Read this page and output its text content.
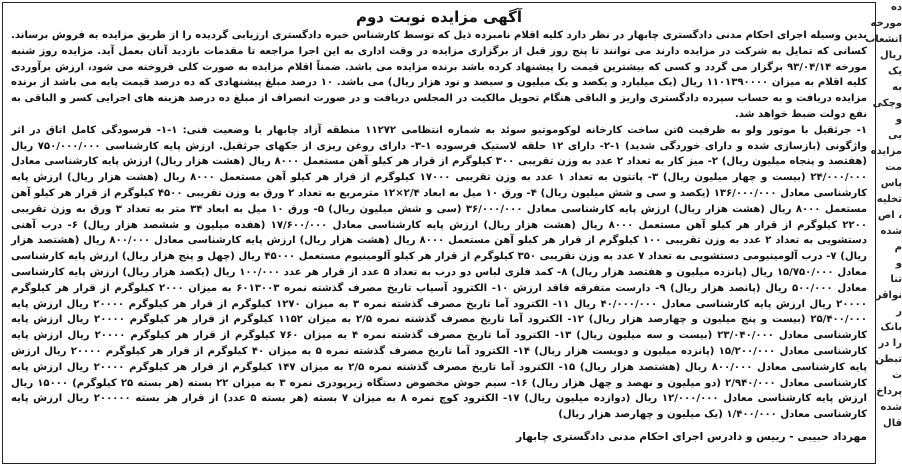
آگهی مزایده نوبت دوم

بدین وسیله اجرای احکام مدنی دادگستری چابهار در نظر دارد کلیه اقلام نامبرده ذیل که توسط کارشناس خبره دادگستری ارزیابی گردیده را از طریق مزایده به فروش برساند. کسانی که تمایل به شرکت در مزایده دارند می توانند تا پنج روز قبل از برگزاری مزایده در وقت اداری به این اجرا مراجعه تا مقدمات بازدید آنان بعمل آید. مزایده روز شنبه مورخه ۹۳/۰۴/۱۴ برگزار می گردد و کسی که بیشترین قیمت را پیشنهاد کرده باشد برنده مزایده می باشد. ضمناً اقلام مزایده به صورت کلی فروخته می شود، ارزش برآوردی کلیه اقلام به میزان ۱۱۰۱۳۹۰۰۰۰ ریال (یک میلیارد و یکصد و یک میلیون و سیصد و نود هزار ریال) می باشد. ۱۰ درصد مبلغ پیشنهادی که ده درصد قیمت پایه می باشد از برنده مزایده دریافت و به حساب سپرده دادگستری واریز و الباقی هنگام تحویل مالکیت در المجلس دریافت و در صورت انصراف از مبلغ ده درصد هزینه های اجرایی کسر و الباقی به نفع دولت ضبط خواهد شد.

۱- جرثقیل با موتور ولو به ظرفیت ۵تن ساخت کارخانه لوکوموتیو سوئد به شماره انتظامی ۱۱۲۷۲ منطقه آزاد چابهار با وضعیت فنی: ۱-۱- فرسودگی کامل اتاق در اثر واژگونی (بازسازی شده و دارای خوردگی شدید) ۱-۲- دارای ۱۲ حلقه لاستیک فرسوده ۱-۳- دارای روغن ریزی از جکهای جرثقیل. ارزش پایه کارشناسی ۷۵۰/۰۰۰/۰۰۰ ریال (هفتصد و پنجاه میلیون ریال) ۲- میز کار به تعداد ۲ عدد به وزن تقریبی ۳۰۰ کیلوگرم از قرار هر کیلو آهن مستعمل ۸۰۰۰ ریال (هشت هزار ریال) ارزش پایه کارشناسی معادل ۲۴/۰۰۰/۰۰۰ (بیست و چهار میلیون ریال) ۳- پاتتون به تعداد ۱ عدد به وزن تقریبی ۱۷۰۰۰ کیلوگرم از قرار هر کیلو آهن مستعمل ۸۰۰۰ ریال (هشت هزار ریال) ارزش پایه کارشناسی معادل ۱۳۶/۰۰۰/۰۰۰ (یکصد و سی و شش میلیون ریال) ۴- ورق ۱۰ میل به ابعاد ۲/۴×۱۲ مترمربع به تعداد ۲ ورق به وزن تقریبی ۴۵۰۰ کیلوگرم از قرار هر کیلو آهن مستعمل ۸۰۰۰ ریال (هشت هزار ریال) ارزش پایه کارشناسی معادل ۳۶/۰۰۰/۰۰۰ (سی و شش میلیون ریال) ۵- ورق ۱۰ میل به ابعاد ۳۴ متر به تعداد ۳ ورق به وزن تقریبی ۲۲۰۰ کیلوگرم از قرار هر کیلو آهن مستعمل ۸۰۰۰ ریال (هشت هزار ریال) ارزش پایه کارشناسی معادل ۱۷/۶۰۰/۰۰۰ (هفده میلیون و ششصد هزار ریال) ۶- درب آهنی دستشویی به تعداد ۲ عدد به وزن تقریبی ۱۰۰ کیلوگرم از قرار هر کیلو آهن مستعمل ۸۰۰۰ ریال (هشت هزار ریال) ارزش پایه کارشناسی معادل ۸۰۰/۰۰۰ ریال (هشتصد هزار ریال) ۷- درب آلومینیومی دستشویی به تعداد ۷ عدد به وزن تقریبی ۳۵۰ کیلوگرم از قرار هر کیلو آلومینیوم مستعمل ۴۵۰۰۰ ریال (چهل و پنج هزار ریال) ارزش پایه کارشناسی معادل ۱۵/۷۵۰/۰۰۰ ریال (پانزده میلیون و هفتصد هزار ریال) ۸- کمد فلزی لباس دو درب به تعداد ۵ عدد از قرار هر عدد ۱۰۰/۰۰۰ ریال (یکصد هزار ریال) ارزش پایه کارشناسی معادل ۵۰۰/۰۰۰ ریال (پانصد هزار ریال) ۹- دارست متفرقه فاقد ارزش ۱۰- الکترود آسیاب تاریخ مصرف گذشته نمره ۶۰۱۳۰۰۳ به میزان ۲۰۰۰ کیلوگرم از قرار هر کیلوگرم ۲۰۰۰۰ ریال ارزش پایه کارشناسی معادل ۴۰/۰۰۰/۰۰۰ ریال ۱۱- الکترود آما تاریخ مصرف گذشته نمره ۳ به میزان ۱۲۷۰ کیلوگرم از قرار هر کیلوگرم ۲۰۰۰۰ ریال ارزش پایه ۲۵/۴۰۰/۰۰۰ (بیست و پنج میلیون و چهارصد هزار ریال) ۱۲- الکترود آما تاریخ مصرف گذشته نمره ۲/۵ به میزان ۱۱۵۲ کیلوگرم از قرار هر کیلوگرم ۲۰۰۰۰ ریال ارزش پایه کارشناسی معادل ۲۳/۰۴۰/۰۰۰ (بیست و سه میلیون ریال) ۱۳- الکترود آما تاریخ مصرف گذشته نمره ۴ به میزان ۷۶۰ کیلوگرم از قرار هر کیلوگرم ۲۰۰۰۰ ریال ارزش پایه کارشناسی معادل ۱۵/۲۰۰/۰۰۰ (پانزده میلیون و دویست هزار ریال) ۱۴- الکترود آما تاریخ مصرف گذشته نمره ۵ به میزان ۴۰ کیلوگرم از قرار هر کیلوگرم ۲۰۰۰۰ ریال ارزش پایه کارشناسی معادل ۸۰۰/۰۰۰ ریال (هشتصد هزار ریال) ۱۵- الکترود آما تاریخ مصرف گذشته نمره ۲/۵ به میزان ۱۴۷ کیلوگرم از قرار هر کیلوگرم ۲۰۰۰۰ ریال ارزش پایه کارشناسی معادل ۲/۹۴۰/۰۰۰ (دو میلیون و نهصد و چهل هزار ریال) ۱۶- سیم جوش مخصوص دستگاه زیرپودری نمره ۳ به میزان ۲۲ بسته (هر بسته ۲۵ کیلوگرم) ۱۵۰۰۰ ریال ارزش پایه کارشناسی معادل ۱۲/۰۰۰/۰۰۰ ریال (دوازده میلیون ریال) ۱۷- الکترود کوچ نمره ۸ به میزان ۷ بسته (هر بسته ۵ عدد) از قرار هر بسته ۲۰۰۰۰۰ ریال ارزش پایه کارشناسی معادل ۱/۴۰۰/۰۰۰ (یک میلیون و چهارصد هزار ریال)

مهرداد حبیبی - رییس و دادرس اجرای احکام مدنی دادگستری چابهار
ده
مورخه
انشعاب
ریال
یک
به
وچکی
و
بی
مزایده
مت
پاس
تخلیه
، اص
شده
م
و
تنا
نواقر
ر
بانک
را در
تبطن
ث
پرداخ
شده
قال
